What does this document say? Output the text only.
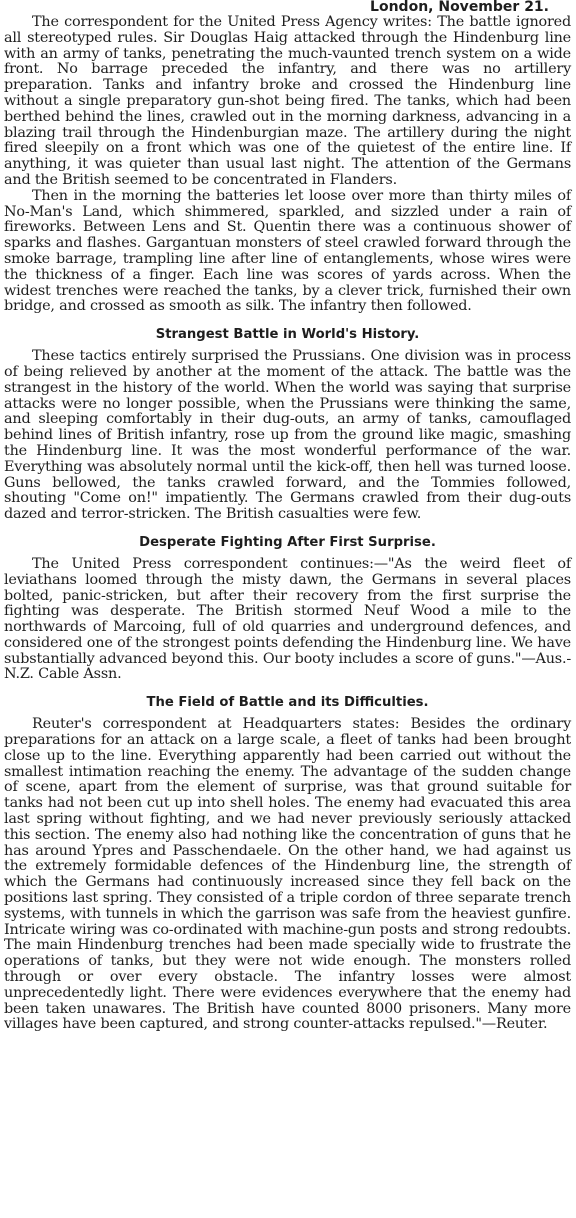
London, November 21.

The correspondent for the United Press Agency writes: The battle ignored all stereotyped rules. Sir Douglas Haig attacked through the Hindenburg line with an army of tanks, penetrating the much-vaunted trench system on a wide front. No barrage preceded the infantry, and there was no artillery preparation. Tanks and infantry broke and crossed the Hindenburg line without a single preparatory gun-shot being fired. The tanks, which had been berthed behind the lines, crawled out in the morning darkness, advancing in a blazing trail through the Hindenburgian maze. The artillery during the night fired sleepily on a front which was one of the quietest of the entire line. If anything, it was quieter than usual last night. The attention of the Germans and the British seemed to be concentrated in Flanders.

Then in the morning the batteries let loose over more than thirty miles of No-Man's Land, which shimmered, sparkled, and sizzled under a rain of fireworks. Between Lens and St. Quentin there was a continuous shower of sparks and flashes. Gargantuan monsters of steel crawled forward through the smoke barrage, trampling line after line of entanglements, whose wires were the thickness of a finger. Each line was scores of yards across. When the widest trenches were reached the tanks, by a clever trick, furnished their own bridge, and crossed as smooth as silk. The infantry then followed.

Strangest Battle in World's History.

These tactics entirely surprised the Prussians. One division was in process of being relieved by another at the moment of the attack. The battle was the strangest in the history of the world. When the world was saying that surprise attacks were no longer possible, when the Prussians were thinking the same, and sleeping comfortably in their dug-outs, an army of tanks, camouflaged behind lines of British infantry, rose up from the ground like magic, smashing the Hindenburg line. It was the most wonderful performance of the war. Everything was absolutely normal until the kick-off, then hell was turned loose. Guns bellowed, the tanks crawled forward, and the Tommies followed, shouting "Come on!" impatiently. The Germans crawled from their dug-outs dazed and terror-stricken. The British casualties were few.

Desperate Fighting After First Surprise.

The United Press correspondent continues:—"As the weird fleet of leviathans loomed through the misty dawn, the Germans in several places bolted, panic-stricken, but after their recovery from the first surprise the fighting was desperate. The British stormed Neuf Wood a mile to the northwards of Marcoing, full of old quarries and underground defences, and considered one of the strongest points defending the Hindenburg line. We have substantially advanced beyond this. Our booty includes a score of guns."—Aus.-N.Z. Cable Assn.

The Field of Battle and its Difficulties.

Reuter's correspondent at Headquarters states: Besides the ordinary preparations for an attack on a large scale, a fleet of tanks had been brought close up to the line. Everything apparently had been carried out without the smallest intimation reaching the enemy. The advantage of the sudden change of scene, apart from the element of surprise, was that ground suitable for tanks had not been cut up into shell holes. The enemy had evacuated this area last spring without fighting, and we had never previously seriously attacked this section. The enemy also had nothing like the concentration of guns that he has around Ypres and Passchendaele. On the other hand, we had against us the extremely formidable defences of the Hindenburg line, the strength of which the Germans had continuously increased since they fell back on the positions last spring. They consisted of a triple cordon of three separate trench systems, with tunnels in which the garrison was safe from the heaviest gunfire. Intricate wiring was co-ordinated with machine-gun posts and strong redoubts. The main Hindenburg trenches had been made specially wide to frustrate the operations of tanks, but they were not wide enough. The monsters rolled through or over every obstacle. The infantry losses were almost unprecedentedly light. There were evidences everywhere that the enemy had been taken unawares. The British have counted 8000 prisoners. Many more villages have been captured, and strong counter-attacks repulsed."—Reuter.
